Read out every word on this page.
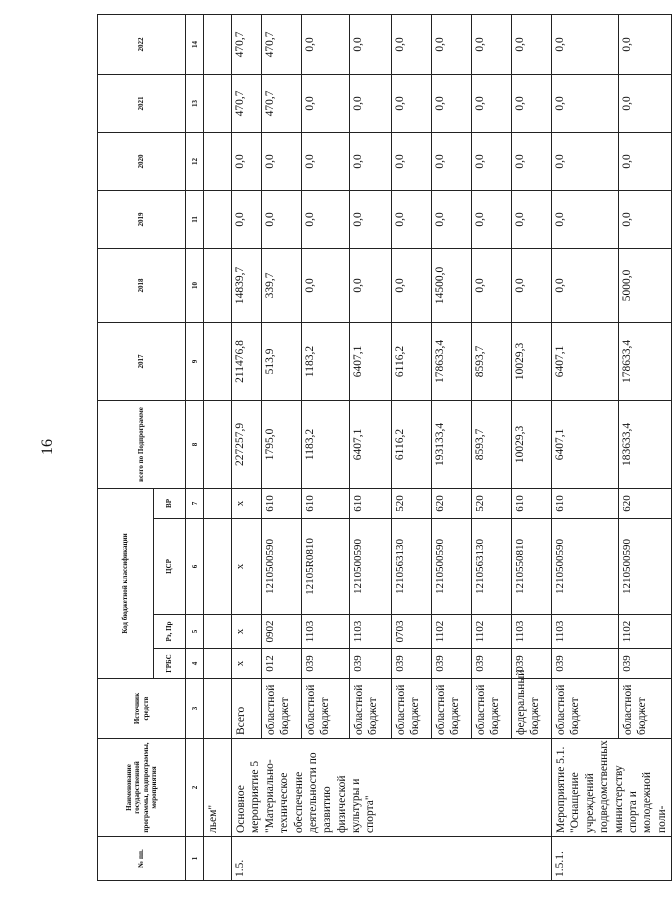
16
№ пп.	Наименование государственной программы, подпрограммы, мероприятия	Источник средств	Код бюджетной классификации				всего по Подпрограмме	2017	2018	2019	2020	2021	2022
			ГРБС	Рз, Пр	ЦСР	ВР							
1	2	3	4	5	6	7	8	9	10	11	12	13	14
	льем"												
1.5.	Основное мероприятие 5 "Материально-техническое обеспечение деятельности по развитию физической культуры и спорта"	Всего	x	x	x	x	227257,9	211476,8	14839,7	0,0	0,0	470,7	470,7
		областной бюджет	012	0902	1210500590	610	1795,0	513,9	339,7	0,0	0,0	470,7	470,7
		областной бюджет	039	1103	12105R0810	610	1183,2	1183,2	0,0	0,0	0,0	0,0	0,0
		областной бюджет	039	1103	1210500590	610	6407,1	6407,1	0,0	0,0	0,0	0,0	0,0
		областной бюджет	039	0703	1210563130	520	6116,2	6116,2	0,0	0,0	0,0	0,0	0,0
		областной бюджет	039	1102	1210500590	620	193133,4	178633,4	14500,0	0,0	0,0	0,0	0,0
		областной бюджет	039	1102	1210563130	520	8593,7	8593,7	0,0	0,0	0,0	0,0	0,0
		федеральный бюджет	039	1103	1210550810	610	10029,3	10029,3	0,0	0,0	0,0	0,0	0,0
1.5.1.	Мероприятие 5.1. "Оснащение учреждений подведомственных министерству спорта и молодежной поли-	областной бюджет	039	1103	1210500590	610	6407,1	6407,1	0,0	0,0	0,0	0,0	0,0
		областной бюджет	039	1102	1210500590	620	183633,4	178633,4	5000,0	0,0	0,0	0,0	0,0
